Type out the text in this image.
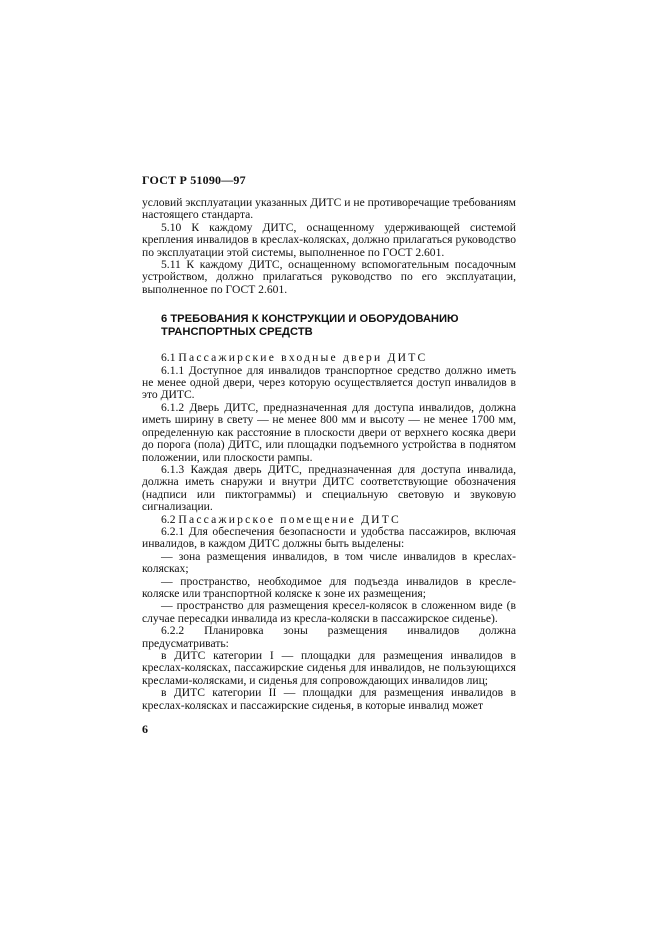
ГОСТ Р 51090—97

условий эксплуатации указанных ДИТС и не противоречащие требованиям настоящего стандарта.

5.10 К каждому ДИТС, оснащенному удерживающей системой крепления инвалидов в креслах-колясках, должно прилагаться руководство по эксплуатации этой системы, выполненное по ГОСТ 2.601.

5.11 К каждому ДИТС, оснащенному вспомогательным посадочным устройством, должно прилагаться руководство по его эксплуатации, выполненное по ГОСТ 2.601.

6 ТРЕБОВАНИЯ К КОНСТРУКЦИИ И ОБОРУДОВАНИЮ
ТРАНСПОРТНЫХ СРЕДСТВ

6.1 Пассажирские входные двери ДИТС

6.1.1 Доступное для инвалидов транспортное средство должно иметь не менее одной двери, через которую осуществляется доступ инвалидов в это ДИТС.

6.1.2 Дверь ДИТС, предназначенная для доступа инвалидов, должна иметь ширину в свету — не менее 800 мм и высоту — не менее 1700 мм, определенную как расстояние в плоскости двери от верхнего косяка двери до порога (пола) ДИТС, или площадки подъемного устройства в поднятом положении, или плоскости рампы.

6.1.3 Каждая дверь ДИТС, предназначенная для доступа инвалида, должна иметь снаружи и внутри ДИТС соответствующие обозначения (надписи или пиктограммы) и специальную световую и звуковую сигнализации.

6.2 Пассажирское помещение ДИТС

6.2.1 Для обеспечения безопасности и удобства пассажиров, включая инвалидов, в каждом ДИТС должны быть выделены:

— зона размещения инвалидов, в том числе инвалидов в креслах-колясках;

— пространство, необходимое для подъезда инвалидов в кресле-коляске или транспортной коляске к зоне их размещения;

— пространство для размещения кресел-колясок в сложенном виде (в случае пересадки инвалида из кресла-коляски в пассажирское сиденье).

6.2.2 Планировка зоны размещения инвалидов должна предусматривать:

в ДИТС категории I — площадки для размещения инвалидов в креслах-колясках, пассажирские сиденья для инвалидов, не пользующихся креслами-колясками, и сиденья для сопровождающих инвалидов лиц;

в ДИТС категории II — площадки для размещения инвалидов в креслах-колясках и пассажирские сиденья, в которые инвалид может

6
